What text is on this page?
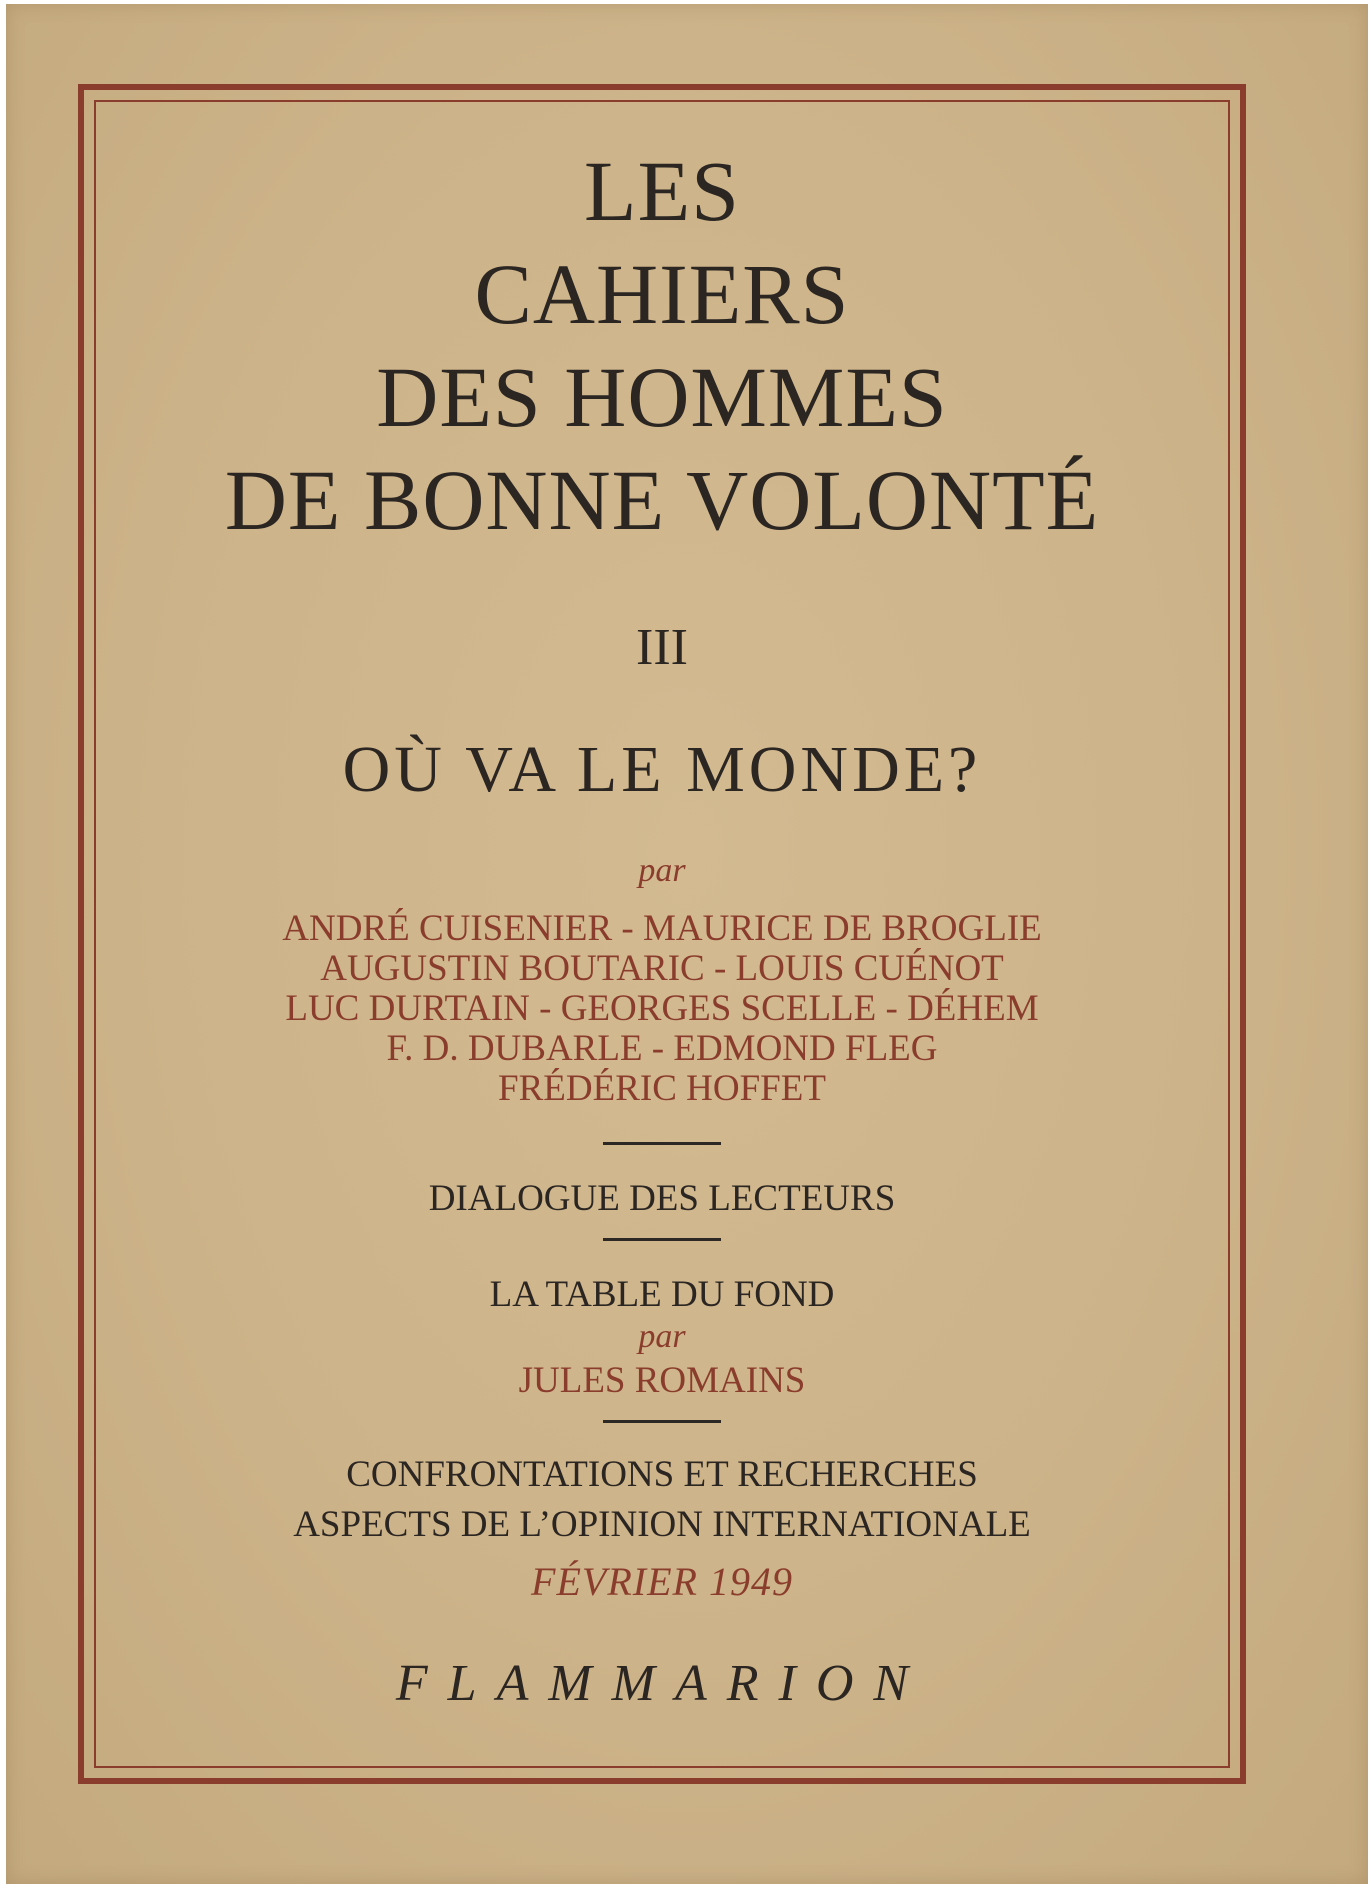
LES
CAHIERS
DES HOMMES
DE BONNE VOLONTÉ
III
OÙ VA LE MONDE?
par
ANDRÉ CUISENIER - MAURICE DE BROGLIE
AUGUSTIN BOUTARIC - LOUIS CUÉNOT
LUC DURTAIN - GEORGES SCELLE - DÉHEM
F. D. DUBARLE - EDMOND FLEG
FRÉDÉRIC HOFFET
DIALOGUE DES LECTEURS
LA TABLE DU FOND
par
JULES ROMAINS
CONFRONTATIONS ET RECHERCHES
ASPECTS DE L’OPINION INTERNATIONALE
FÉVRIER 1949
FLAMMARION
